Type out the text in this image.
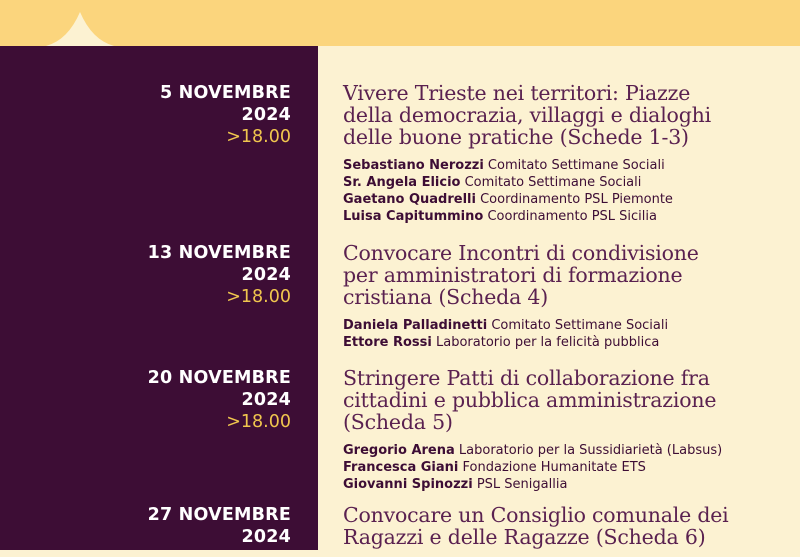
5 NOVEMBRE
2024
>18.00
Vivere Trieste nei territori: Piazze
della democrazia, villaggi e dialoghi
delle buone pratiche (Schede 1-3)
Sebastiano Nerozzi Comitato Settimane Sociali
Sr. Angela Elicio Comitato Settimane Sociali
Gaetano Quadrelli Coordinamento PSL Piemonte
Luisa Capitummino Coordinamento PSL Sicilia
13 NOVEMBRE
2024
>18.00
Convocare Incontri di condivisione
per amministratori di formazione
cristiana (Scheda 4)
Daniela Palladinetti Comitato Settimane Sociali
Ettore Rossi Laboratorio per la felicità pubblica
20 NOVEMBRE
2024
>18.00
Stringere Patti di collaborazione fra
cittadini e pubblica amministrazione
(Scheda 5)
Gregorio Arena Laboratorio per la Sussidiarietà (Labsus)
Francesca Giani Fondazione Humanitate ETS
Giovanni Spinozzi PSL Senigallia
27 NOVEMBRE
2024
Convocare un Consiglio comunale dei
Ragazzi e delle Ragazze (Scheda 6)
